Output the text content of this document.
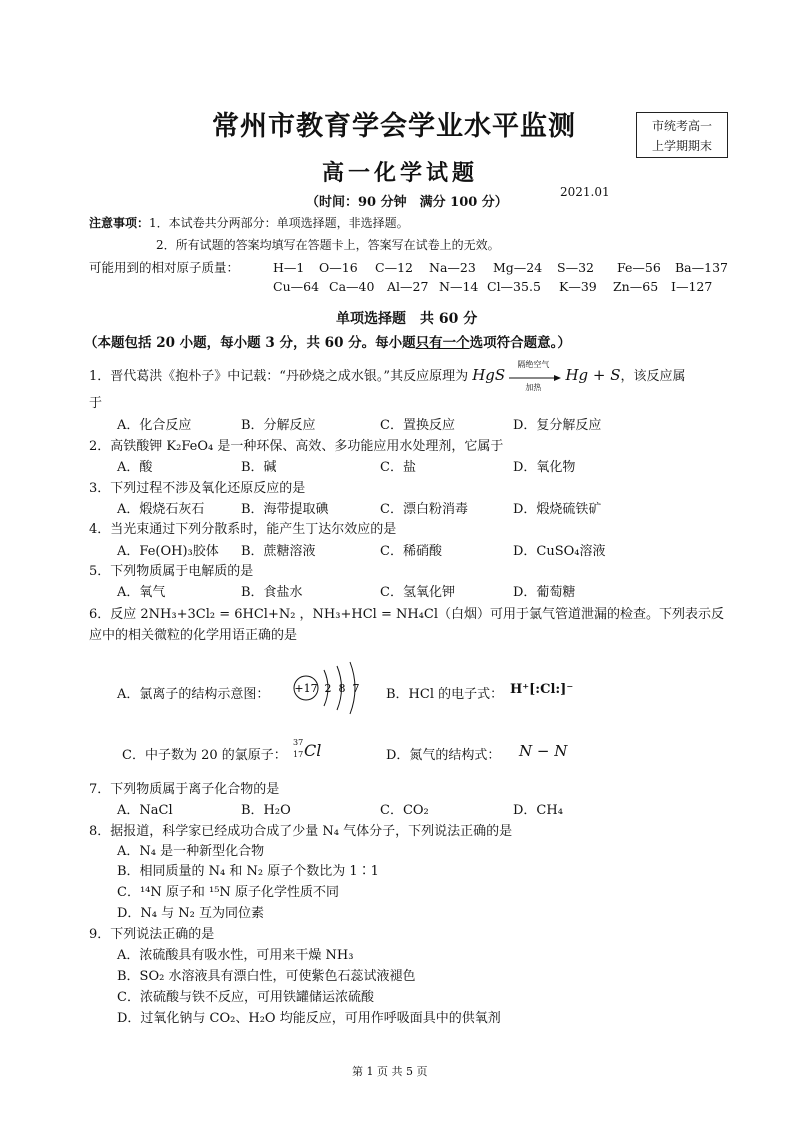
市统考高一
上学期期末
常州市教育学会学业水平监测
高一化学试题
（时间：90 分钟　满分 100 分）
2021.01
注意事项：1．本试卷共分两部分：单项选择题，非选择题。
2．所有试题的答案均填写在答题卡上，答案写在试卷上的无效。
可能用到的相对原子质量：	H—1 O—16 C—12 Na—23 Mg—24 S—32 Fe—56 Ba—137
Cu—64 Ca—40 Al—27 N—14 Cl—35.5 K—39 Zn—65 I—127
单项选择题　共 60 分
（本题包括 20 小题，每小题 3 分，共 60 分。每小题只有一个选项符合题意。）
1．晋代葛洪《抱朴子》中记载：“丹砂烧之成水银。”其反应原理为 HgS
隔绝空气
加热
Hg + S，该反应属
于
A．化合反应	B．分解反应	C．置换反应	D．复分解反应
2．高铁酸钾 K₂FeO₄ 是一种环保、高效、多功能应用水处理剂，它属于
A．酸	B．碱	C．盐	D．氧化物
3．下列过程不涉及氧化还原反应的是
A．煅烧石灰石	B．海带提取碘	C．漂白粉消毒	D．煅烧硫铁矿
4．当光束通过下列分散系时，能产生丁达尔效应的是
A．Fe(OH)₃胶体 B．蔗糖溶液	C．稀硝酸	D．CuSO₄溶液
5．下列物质属于电解质的是
A．氧气	B．食盐水	C．氢氧化钾	D．葡萄糖
6．反应 2NH₃+3Cl₂ = 6HCl+N₂ ，NH₃+HCl = NH₄Cl（白烟）可用于氯气管道泄漏的检查。下列表示反
应中的相关微粒的化学用语正确的是
A．氯离子的结构示意图： +17 2 8 7 B．HCl 的电子式： H⁺[:Cl:]⁻
C．中子数为 20 的氯原子：
37
17 Cl	D．氮气的结构式： N − N
7．下列物质属于离子化合物的是
A．NaCl	B．H₂O	C．CO₂	D．CH₄
8．据报道，科学家已经成功合成了少量 N₄ 气体分子，下列说法正确的是
A．N₄ 是一种新型化合物
B．相同质量的 N₄ 和 N₂ 原子个数比为 1∶1
C．¹⁴N 原子和 ¹⁵N 原子化学性质不同
D．N₄ 与 N₂ 互为同位素
9．下列说法正确的是
A．浓硫酸具有吸水性，可用来干燥 NH₃
B．SO₂ 水溶液具有漂白性，可使紫色石蕊试液褪色
C．浓硫酸与铁不反应，可用铁罐储运浓硫酸
D．过氧化钠与 CO₂、H₂O 均能反应，可用作呼吸面具中的供氧剂
第 1 页 共 5 页
